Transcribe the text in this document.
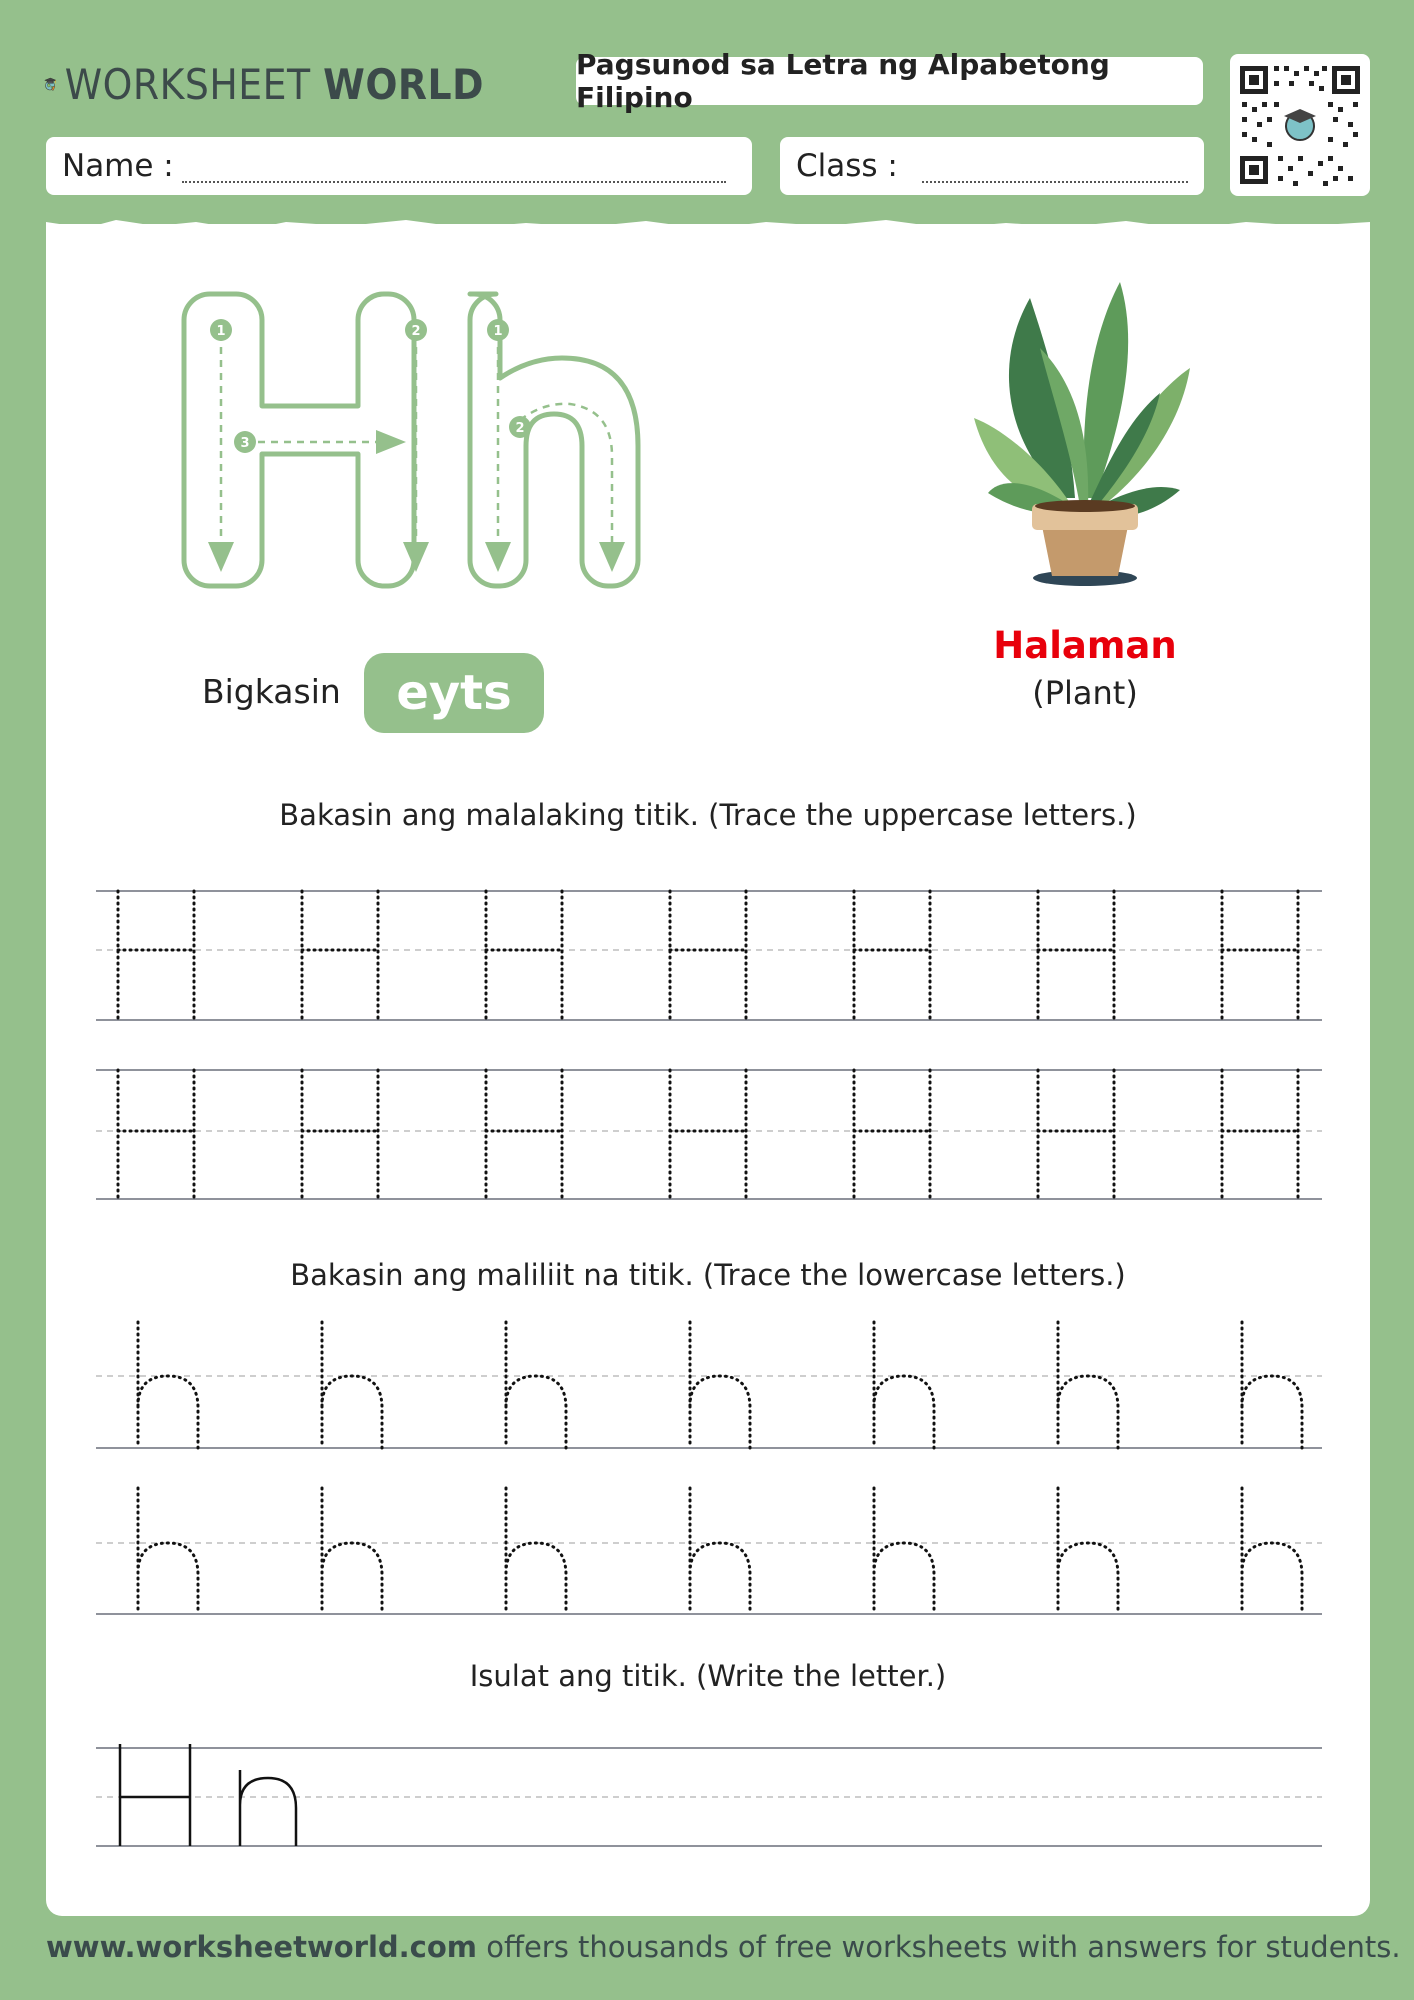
WORKSHEET WORLD	Pagsunod sa Letra ng Alpabetong Filipino
Name :	Class :
1	2
3
1
2
Bigkasin	eyts
Halaman
(Plant)
Bakasin ang malalaking titik. (Trace the uppercase letters.)
Bakasin ang maliliit na titik. (Trace the lowercase letters.)
Isulat ang titik. (Write the letter.)
www.worksheetworld.com offers thousands of free worksheets with answers for students.
